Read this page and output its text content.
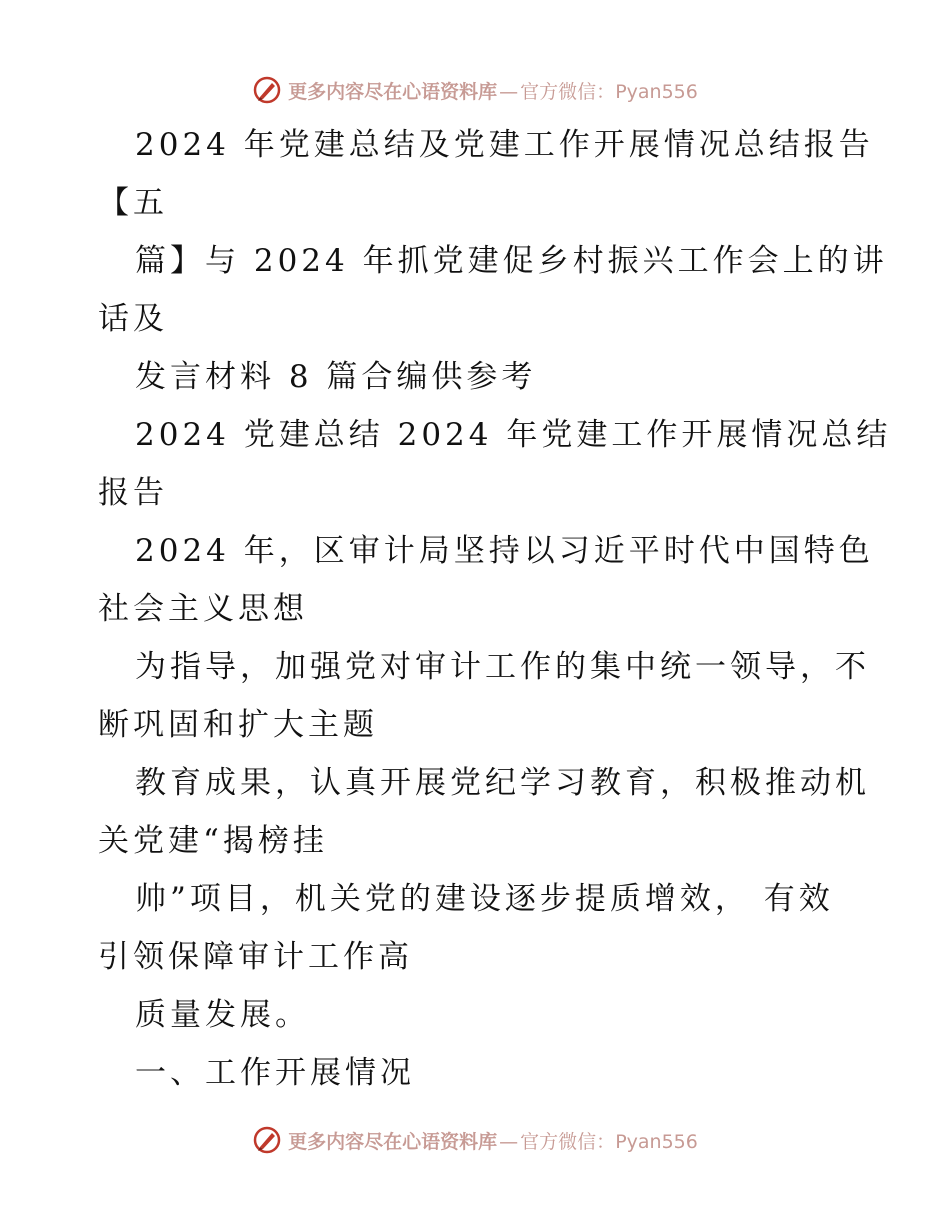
更多内容尽在心语资料库 — 官方微信：Pyan556
2024 年党建总结及党建工作开展情况总结报告
【五
篇】与 2024 年抓党建促乡村振兴工作会上的讲
话及
发言材料 8 篇合编供参考
2024 党建总结 2024 年党建工作开展情况总结
报告
2024 年，区审计局坚持以习近平时代中国特色
社会主义思想
为指导，加强党对审计工作的集中统一领导，不
断巩固和扩大主题
教育成果，认真开展党纪学习教育，积极推动机
关党建“揭榜挂
帅”项目，机关党的建设逐步提质增效， 有效
引领保障审计工作高
质量发展。
一、工作开展情况
更多内容尽在心语资料库 — 官方微信：Pyan556
